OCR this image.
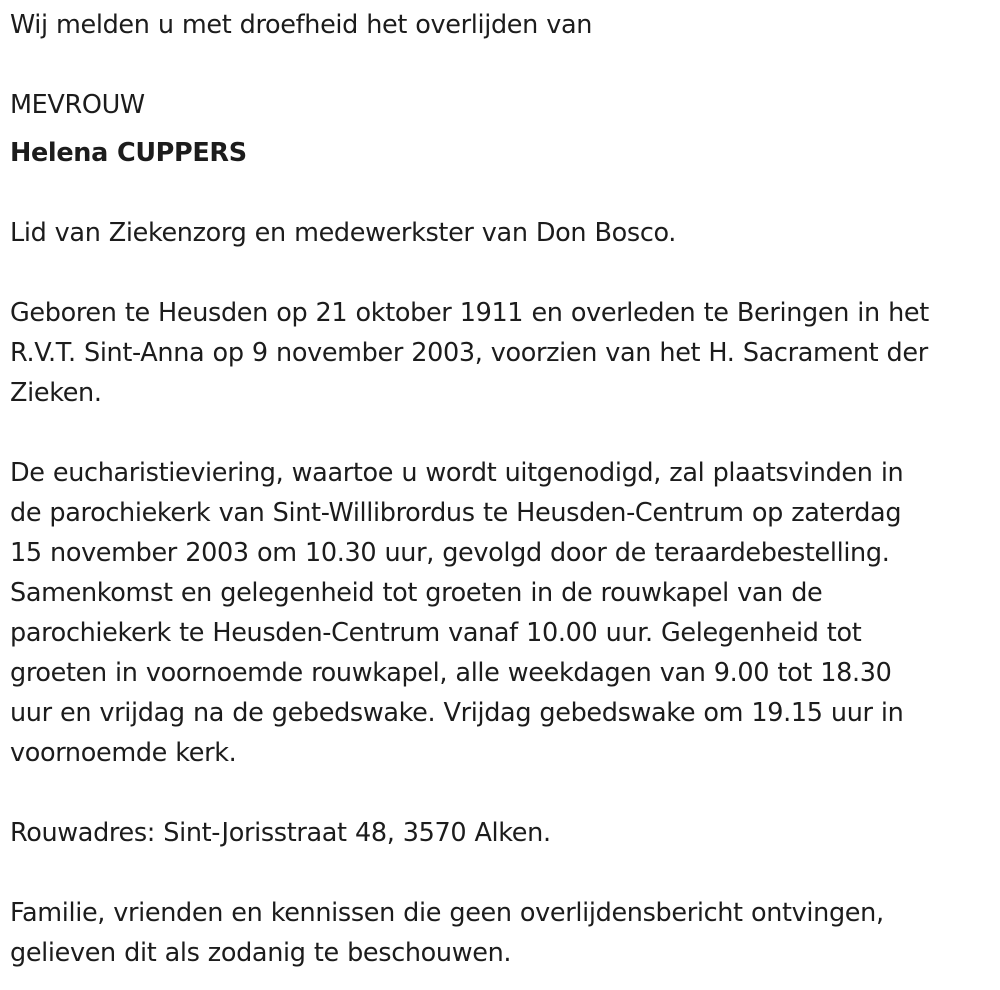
Wij melden u met droefheid het overlijden van
MEVROUW
Helena CUPPERS
Lid van Ziekenzorg en medewerkster van Don Bosco.
Geboren te Heusden op 21 oktober 1911 en overleden te Beringen in het
R.V.T. Sint-Anna op 9 november 2003, voorzien van het H. Sacrament der
Zieken.
De eucharistieviering, waartoe u wordt uitgenodigd, zal plaatsvinden in
de parochiekerk van Sint-Willibrordus te Heusden-Centrum op zaterdag
15 november 2003 om 10.30 uur, gevolgd door de teraardebestelling.
Samenkomst en gelegenheid tot groeten in de rouwkapel van de
parochiekerk te Heusden-Centrum vanaf 10.00 uur. Gelegenheid tot
groeten in voornoemde rouwkapel, alle weekdagen van 9.00 tot 18.30
uur en vrijdag na de gebedswake. Vrijdag gebedswake om 19.15 uur in
voornoemde kerk.
Rouwadres: Sint-Jorisstraat 48, 3570 Alken.
Familie, vrienden en kennissen die geen overlijdensbericht ontvingen,
gelieven dit als zodanig te beschouwen.
